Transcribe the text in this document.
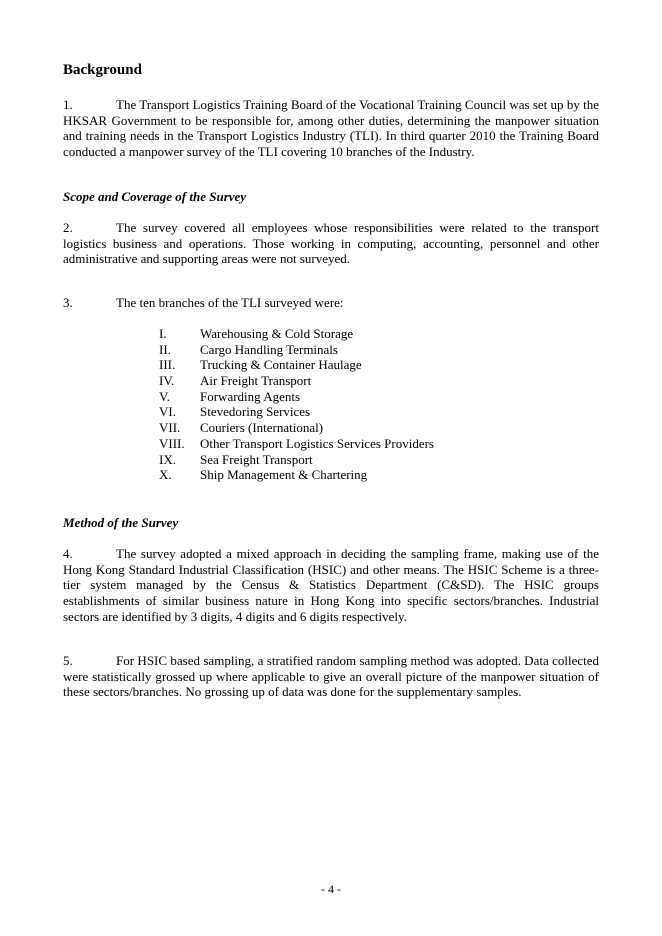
Background

1.	The Transport Logistics Training Board of the Vocational Training Council was set up by the HKSAR Government to be responsible for, among other duties, determining the manpower situation and training needs in the Transport Logistics Industry (TLI). In third quarter 2010 the Training Board conducted a manpower survey of the TLI covering 10 branches of the Industry.

Scope and Coverage of the Survey

2.	The survey covered all employees whose responsibilities were related to the transport logistics business and operations. Those working in computing, accounting, personnel and other administrative and supporting areas were not surveyed.

3.	The ten branches of the TLI surveyed were:

I.	Warehousing & Cold Storage
II. Cargo Handling Terminals
III. Trucking & Container Haulage
IV. Air Freight Transport
V. Forwarding Agents
VI. Stevedoring Services
VII. Couriers (International)
VIII. Other Transport Logistics Services Providers
IX. Sea Freight Transport
X. Ship Management & Chartering
Method of the Survey

4.	The survey adopted a mixed approach in deciding the sampling frame, making use of the Hong Kong Standard Industrial Classification (HSIC) and other means. The HSIC Scheme is a three-tier system managed by the Census & Statistics Department (C&SD). The HSIC groups establishments of similar business nature in Hong Kong into specific sectors/branches. Industrial sectors are identified by 3 digits, 4 digits and 6 digits respectively.

5.	For HSIC based sampling, a stratified random sampling method was adopted. Data collected were statistically grossed up where applicable to give an overall picture of the manpower situation of these sectors/branches. No grossing up of data was done for the supplementary samples.

- 4 -
